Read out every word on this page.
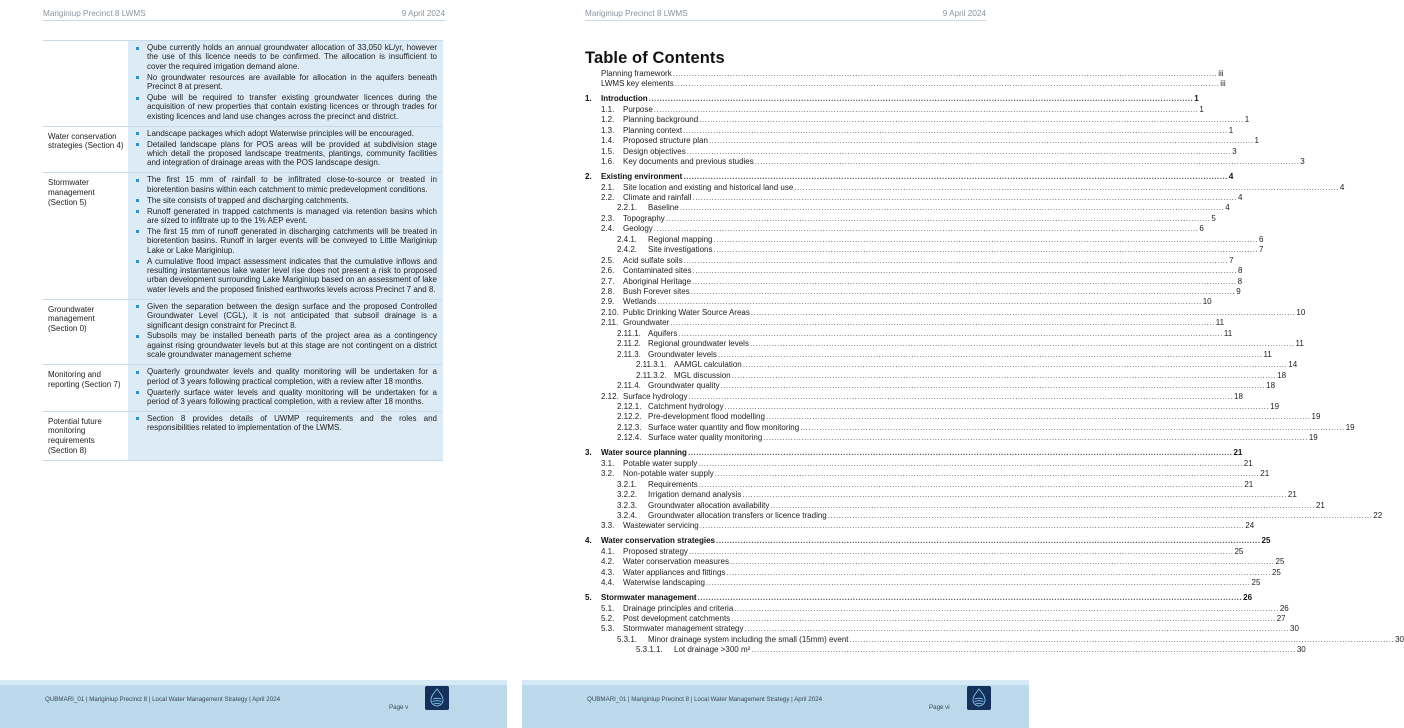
Mariginiup Precinct 8 LWMS	9 April 2024
Qube currently holds an annual groundwater allocation of 33,050 kL/yr, however the use of this licence needs to be confirmed. The allocation is insufficient to cover the required irrigation demand alone.
No groundwater resources are available for allocation in the aquifers beneath Precinct 8 at present.
Qube will be required to transfer existing groundwater licences during the acquisition of new properties that contain existing licences or through trades for existing licences and land use changes across the precinct and district.
Water conservation strategies (Section 4)
Landscape packages which adopt Waterwise principles will be encouraged.
Detailed landscape plans for POS areas will be provided at subdivision stage which detail the proposed landscape treatments, plantings, community facilities and integration of drainage areas with the POS landscape design.
Stormwater management (Section 5)
The first 15 mm of rainfall to be infiltrated close-to-source or treated in bioretention basins within each catchment to mimic predevelopment conditions.
The site consists of trapped and discharging catchments.
Runoff generated in trapped catchments is managed via retention basins which are sized to infiltrate up to the 1% AEP event.
The first 15 mm of runoff generated in discharging catchments will be treated in bioretention basins. Runoff in larger events will be conveyed to Little Mariginiup Lake or Lake Mariginiup.
A cumulative flood impact assessment indicates that the cumulative inflows and resulting instantaneous lake water level rise does not present a risk to proposed urban development surrounding Lake Mariginiup based on an assessment of lake water levels and the proposed finished earthworks levels across Precinct 7 and 8.
Groundwater management (Section 0)
Given the separation between the design surface and the proposed Controlled Groundwater Level (CGL), it is not anticipated that subsoil drainage is a significant design constraint for Precinct 8.
Subsoils may be installed beneath parts of the project area as a contingency against rising groundwater levels but at this stage are not contingent on a district scale groundwater management scheme
Monitoring and reporting (Section 7)
Quarterly groundwater levels and quality monitoring will be undertaken for a period of 3 years following practical completion, with a review after 18 months.
Quarterly surface water levels and quality monitoring will be undertaken for a period of 3 years following practical completion, with a review after 18 months.
Potential future monitoring requirements (Section 8)
Section 8 provides details of UWMP requirements and the roles and responsibilities related to implementation of the LWMS.
QUBMARI_01 | Mariginiup Precinct 8 | Local Water Management Strategy | April 2024
Page v
Mariginiup Precinct 8 LWMS	9 April 2024
Table of Contents
Planning framework ........................................................................................................................................................................................................ iii
LWMS key elements ........................................................................................................................................................................................................ iii
1. Introduction ........................................................................................................................................................................................................ 1
1.1. Purpose ........................................................................................................................................................................................................ 1
1.2. Planning background ........................................................................................................................................................................................................ 1
1.3. Planning context ........................................................................................................................................................................................................ 1
1.4. Proposed structure plan ........................................................................................................................................................................................................ 1
1.5. Design objectives ........................................................................................................................................................................................................ 3
1.6. Key documents and previous studies ........................................................................................................................................................................................................ 3
2. Existing environment ........................................................................................................................................................................................................ 4
2.1. Site location and existing and historical land use ........................................................................................................................................................................................................ 4
2.2. Climate and rainfall ........................................................................................................................................................................................................ 4
2.2.1. Baseline ........................................................................................................................................................................................................ 4
2.3. Topography ........................................................................................................................................................................................................ 5
2.4. Geology ........................................................................................................................................................................................................ 6
2.4.1. Regional mapping ........................................................................................................................................................................................................ 6
2.4.2. Site investigations ........................................................................................................................................................................................................ 7
2.5. Acid sulfate soils ........................................................................................................................................................................................................ 7
2.6. Contaminated sites ........................................................................................................................................................................................................ 8
2.7. Aboriginal Heritage ........................................................................................................................................................................................................ 8
2.8. Bush Forever sites ........................................................................................................................................................................................................ 9
2.9. Wetlands ........................................................................................................................................................................................................ 10
2.10. Public Drinking Water Source Areas ........................................................................................................................................................................................................ 10
2.11. Groundwater ........................................................................................................................................................................................................ 11
2.11.1. Aquifers ........................................................................................................................................................................................................ 11
2.11.2. Regional groundwater levels ........................................................................................................................................................................................................ 11
2.11.3. Groundwater levels ........................................................................................................................................................................................................ 11
2.11.3.1. AAMGL calculation ........................................................................................................................................................................................................ 14
2.11.3.2. MGL discussion ........................................................................................................................................................................................................ 18
2.11.4. Groundwater quality ........................................................................................................................................................................................................ 18
2.12. Surface hydrology ........................................................................................................................................................................................................ 18
2.12.1. Catchment hydrology ........................................................................................................................................................................................................ 19
2.12.2. Pre-development flood modelling ........................................................................................................................................................................................................ 19
2.12.3. Surface water quantity and flow monitoring ........................................................................................................................................................................................................ 19
2.12.4. Surface water quality monitoring ........................................................................................................................................................................................................ 19
3. Water source planning ........................................................................................................................................................................................................ 21
3.1. Potable water supply ........................................................................................................................................................................................................ 21
3.2. Non-potable water supply ........................................................................................................................................................................................................ 21
3.2.1. Requirements ........................................................................................................................................................................................................ 21
3.2.2. Irrigation demand analysis ........................................................................................................................................................................................................ 21
3.2.3. Groundwater allocation availability ........................................................................................................................................................................................................ 21
3.2.4. Groundwater allocation transfers or licence trading ........................................................................................................................................................................................................ 22
3.3. Wastewater servicing ........................................................................................................................................................................................................ 24
4. Water conservation strategies ........................................................................................................................................................................................................ 25
4.1. Proposed strategy ........................................................................................................................................................................................................ 25
4.2. Water conservation measures ........................................................................................................................................................................................................ 25
4.3. Water appliances and fittings ........................................................................................................................................................................................................ 25
4.4. Waterwise landscaping ........................................................................................................................................................................................................ 25
5. Stormwater management ........................................................................................................................................................................................................ 26
5.1. Drainage principles and criteria ........................................................................................................................................................................................................ 26
5.2. Post development catchments ........................................................................................................................................................................................................ 27
5.3. Stormwater management strategy ........................................................................................................................................................................................................ 30
5.3.1. Minor drainage system including the small (15mm) event ........................................................................................................................................................................................................ 30
5.3.1.1. Lot drainage >300 m² ........................................................................................................................................................................................................ 30
QUBMARI_01 | Mariginiup Precinct 8 | Local Water Management Strategy | April 2024
Page vi
